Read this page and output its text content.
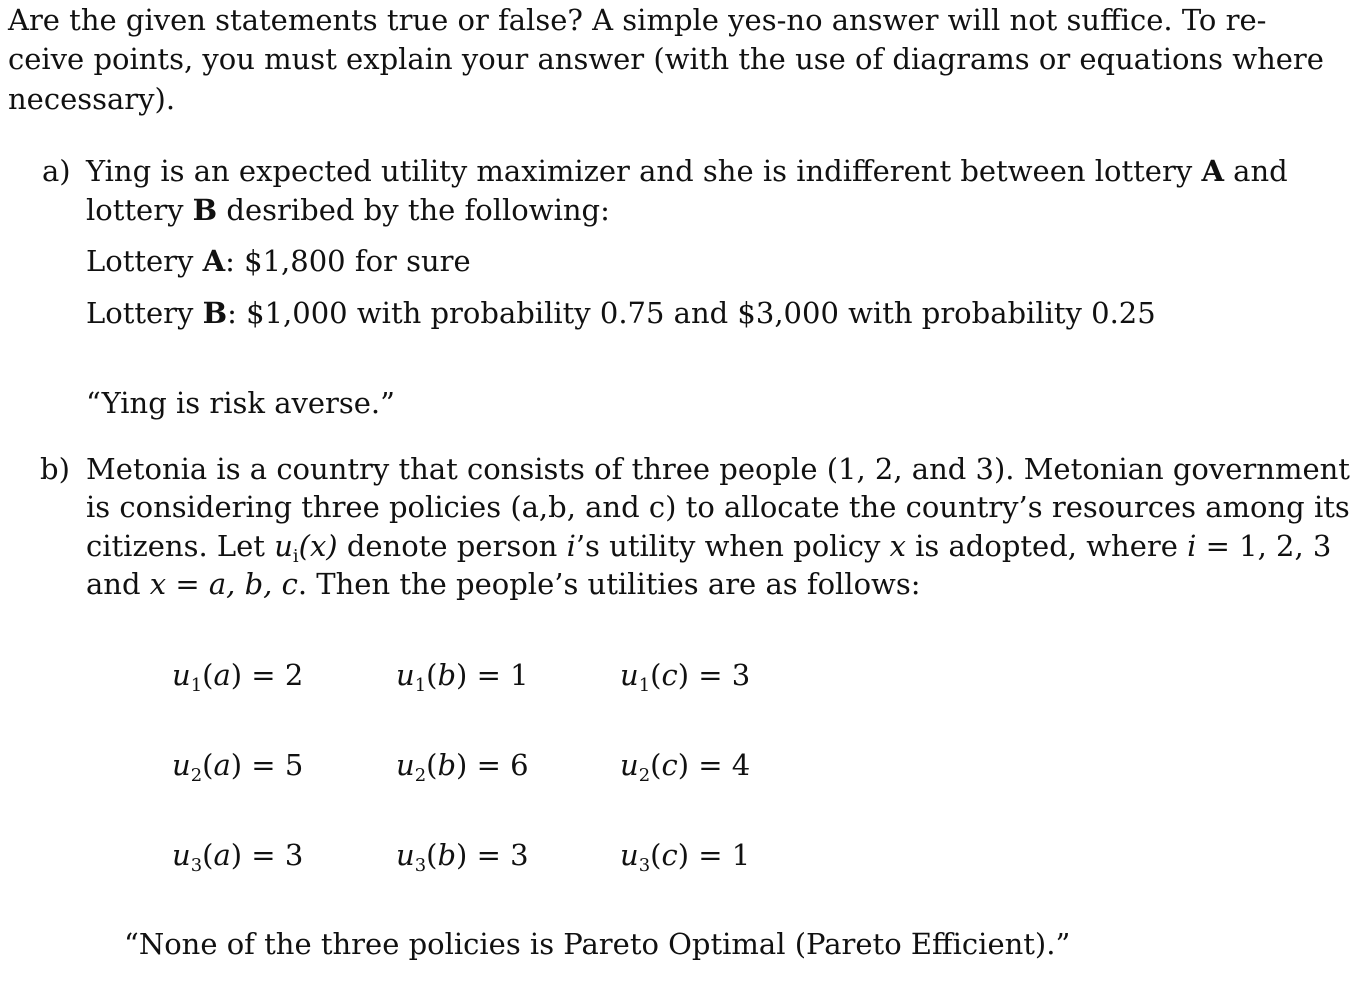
Are the given statements true or false? A simple yes-no answer will not suffice. To re-
ceive points, you must explain your answer (with the use of diagrams or equations where
necessary).
a) Ying is an expected utility maximizer and she is indifferent between lottery A and
lottery B desribed by the following:
Lottery A: $1,800 for sure
Lottery B: $1,000 with probability 0.75 and $3,000 with probability 0.25
“Ying is risk averse.”
b) Metonia is a country that consists of three people (1, 2, and 3). Metonian government
is considering three policies (a,b, and c) to allocate the country’s resources among its
citizens. Let $u_i(x)$ denote person i’s utility when policy x is adopted, where i = 1, 2, 3
and x = a, b, c. Then the people’s utilities are as follows:
$u_1(a) = 2$	$u_1(b) = 1$	$u_1(c) = 3$
$u_2(a) = 5$	$u_2(b) = 6$	$u_2(c) = 4$
$u_3(a) = 3$	$u_3(b) = 3$	$u_3(c) = 1$
“None of the three policies is Pareto Optimal (Pareto Efficient).”
